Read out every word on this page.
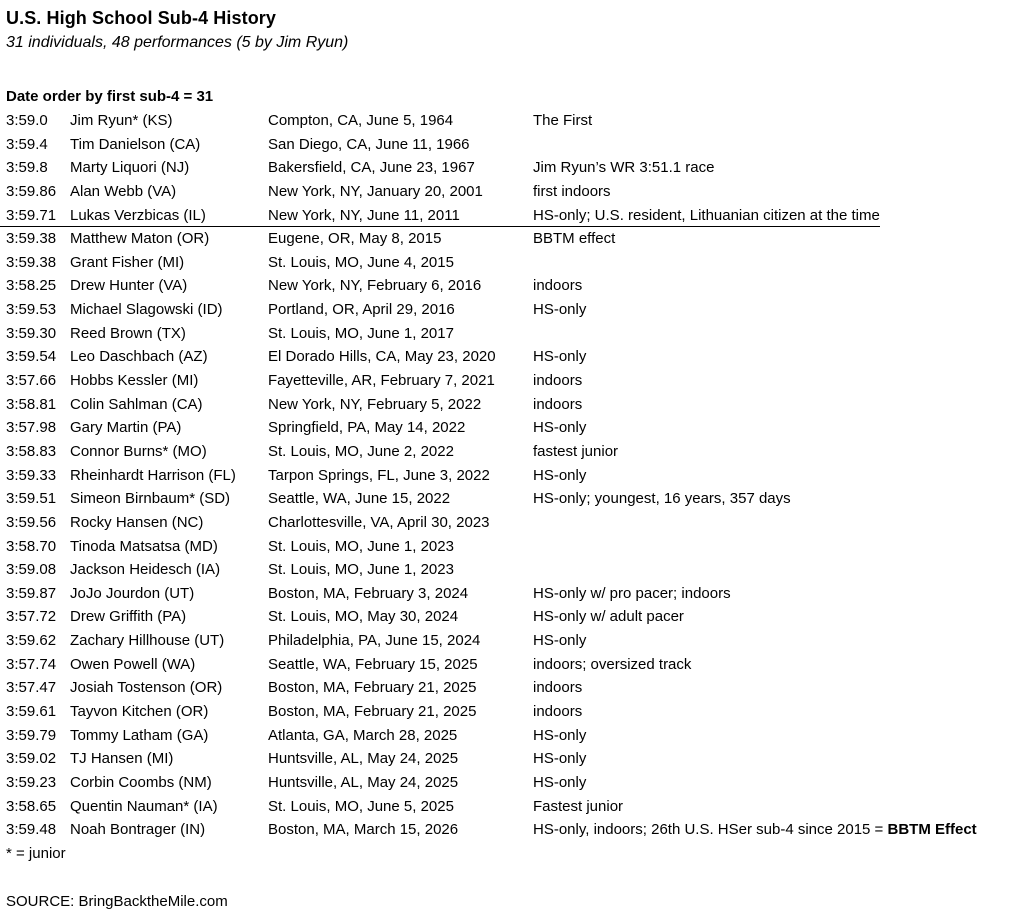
U.S. High School Sub-4 History
31 individuals, 48 performances (5 by Jim Ryun)
Date order by first sub-4 = 31
3:59.0	Jim Ryun* (KS)	Compton, CA, June 5, 1964	The First
3:59.4	Tim Danielson (CA)	San Diego, CA, June 11, 1966
3:59.8	Marty Liquori (NJ)	Bakersfield, CA, June 23, 1967	Jim Ryun’s WR 3:51.1 race
3:59.86 Alan Webb (VA)	New York, NY, January 20, 2001	first indoors
3:59.71 Lukas Verzbicas (IL)	New York, NY, June 11, 2011	HS-only; U.S. resident, Lithuanian citizen at the time
3:59.38 Matthew Maton (OR)	Eugene, OR, May 8, 2015	BBTM effect
3:59.38 Grant Fisher (MI)	St. Louis, MO, June 4, 2015
3:58.25 Drew Hunter (VA)	New York, NY, February 6, 2016	indoors
3:59.53 Michael Slagowski (ID)	Portland, OR, April 29, 2016	HS-only
3:59.30 Reed Brown (TX)	St. Louis, MO, June 1, 2017
3:59.54 Leo Daschbach (AZ)	El Dorado Hills, CA, May 23, 2020	HS-only
3:57.66 Hobbs Kessler (MI)	Fayetteville, AR, February 7, 2021	indoors
3:58.81 Colin Sahlman (CA)	New York, NY, February 5, 2022	indoors
3:57.98 Gary Martin (PA)	Springfield, PA, May 14, 2022	HS-only
3:58.83 Connor Burns* (MO)	St. Louis, MO, June 2, 2022	fastest junior
3:59.33 Rheinhardt Harrison (FL)	Tarpon Springs, FL, June 3, 2022	HS-only
3:59.51 Simeon Birnbaum* (SD)	Seattle, WA, June 15, 2022	HS-only; youngest, 16 years, 357 days
3:59.56 Rocky Hansen (NC)	Charlottesville, VA, April 30, 2023
3:58.70 Tinoda Matsatsa (MD)	St. Louis, MO, June 1, 2023
3:59.08 Jackson Heidesch (IA)	St. Louis, MO, June 1, 2023
3:59.87 JoJo Jourdon (UT)	Boston, MA, February 3, 2024	HS-only w/ pro pacer; indoors
3:57.72 Drew Griffith (PA)	St. Louis, MO, May 30, 2024	HS-only w/ adult pacer
3:59.62 Zachary Hillhouse (UT)	Philadelphia, PA, June 15, 2024	HS-only
3:57.74 Owen Powell (WA)	Seattle, WA, February 15, 2025	indoors; oversized track
3:57.47 Josiah Tostenson (OR)	Boston, MA, February 21, 2025	indoors
3:59.61 Tayvon Kitchen (OR)	Boston, MA, February 21, 2025	indoors
3:59.79 Tommy Latham (GA)	Atlanta, GA, March 28, 2025	HS-only
3:59.02 TJ Hansen (MI)	Huntsville, AL, May 24, 2025	HS-only
3:59.23 Corbin Coombs (NM)	Huntsville, AL, May 24, 2025	HS-only
3:58.65 Quentin Nauman* (IA)	St. Louis, MO, June 5, 2025	Fastest junior
3:59.48 Noah Bontrager (IN)	Boston, MA, March 15, 2026	HS-only, indoors; 26th U.S. HSer sub-4 since 2015 = BBTM Effect
* = junior
SOURCE: BringBacktheMile.com
